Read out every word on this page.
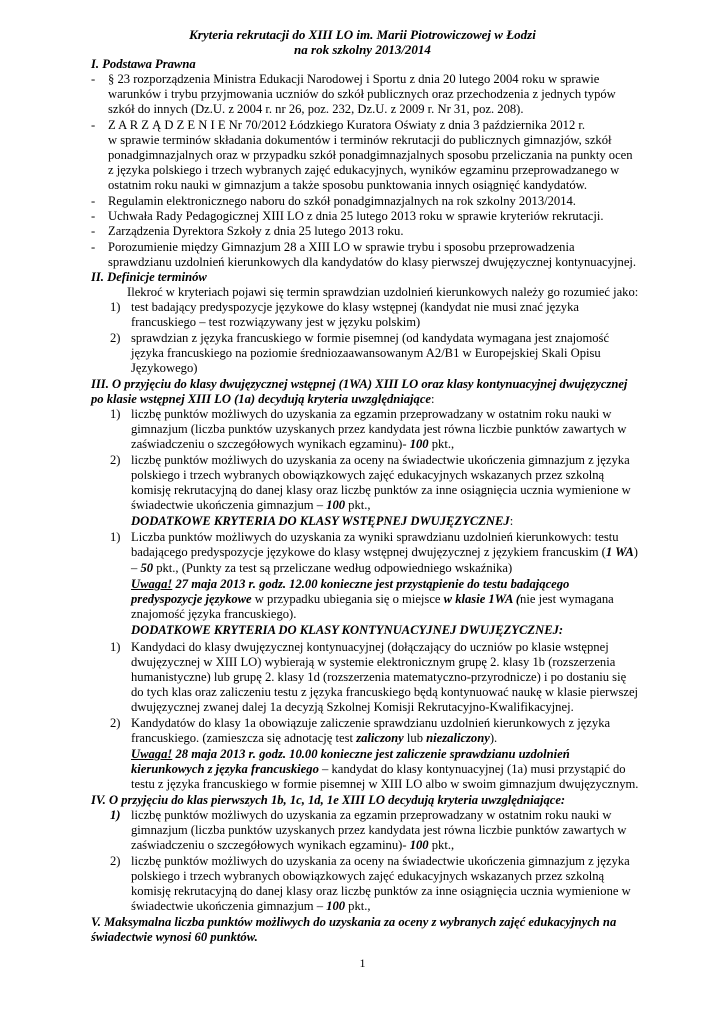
Kryteria rekrutacji do XIII LO im. Marii Piotrowiczowej w Łodzi

na rok szkolny 2013/2014

I. Podstawa Prawna

- § 23 rozporządzenia Ministra Edukacji Narodowej i Sportu z dnia 20 lutego 2004 roku w sprawie

warunków i trybu przyjmowania uczniów do szkół publicznych oraz przechodzenia z jednych typów

szkół do innych (Dz.U. z 2004 r. nr 26, poz. 232, Dz.U. z 2009 r. Nr 31, poz. 208).

- Z A R Z Ą D Z E N I E Nr 70/2012 Łódzkiego Kuratora Oświaty z dnia 3 października 2012 r.

w sprawie terminów składania dokumentów i terminów rekrutacji do publicznych gimnazjów, szkół

ponadgimnazjalnych oraz w przypadku szkół ponadgimnazjalnych sposobu przeliczania na punkty ocen

z języka polskiego i trzech wybranych zajęć edukacyjnych, wyników egzaminu przeprowadzanego w

ostatnim roku nauki w gimnazjum a także sposobu punktowania innych osiągnięć kandydatów.

- Regulamin elektronicznego naboru do szkół ponadgimnazjalnych na rok szkolny 2013/2014.

- Uchwała Rady Pedagogicznej XIII LO z dnia 25 lutego 2013 roku w sprawie kryteriów rekrutacji.

- Zarządzenia Dyrektora Szkoły z dnia 25 lutego 2013 roku.

- Porozumienie między Gimnazjum 28 a XIII LO w sprawie trybu i sposobu przeprowadzenia

sprawdzianu uzdolnień kierunkowych dla kandydatów do klasy pierwszej dwujęzycznej kontynuacyjnej.

II. Definicje terminów

Ilekroć w kryteriach pojawi się termin sprawdzian uzdolnień kierunkowych należy go rozumieć jako:

1) test badający predyspozycje językowe do klasy wstępnej (kandydat nie musi znać języka

francuskiego – test rozwiązywany jest w języku polskim)

2) sprawdzian z języka francuskiego w formie pisemnej (od kandydata wymagana jest znajomość

języka francuskiego na poziomie średniozaawansowanym A2/B1 w Europejskiej Skali Opisu

Językowego)

III. O przyjęciu do klasy dwujęzycznej wstępnej (1WA) XIII LO oraz klasy kontynuacyjnej dwujęzycznej

po klasie wstępnej XIII LO (1a) decydują kryteria uwzględniające:

1) liczbę punktów możliwych do uzyskania za egzamin przeprowadzany w ostatnim roku nauki w

gimnazjum (liczba punktów uzyskanych przez kandydata jest równa liczbie punktów zawartych w

zaświadczeniu o szczegółowych wynikach egzaminu)- 100 pkt.,

2) liczbę punktów możliwych do uzyskania za oceny na świadectwie ukończenia gimnazjum z języka

polskiego i trzech wybranych obowiązkowych zajęć edukacyjnych wskazanych przez szkolną

komisję rekrutacyjną do danej klasy oraz liczbę punktów za inne osiągnięcia ucznia wymienione w

świadectwie ukończenia gimnazjum – 100 pkt.,

DODATKOWE KRYTERIA DO KLASY WSTĘPNEJ DWUJĘZYCZNEJ:

1) Liczba punktów możliwych do uzyskania za wyniki sprawdzianu uzdolnień kierunkowych: testu

badającego predyspozycje językowe do klasy wstępnej dwujęzycznej z językiem francuskim (1 WA)

– 50 pkt., (Punkty za test są przeliczane według odpowiedniego wskaźnika)

Uwaga! 27 maja 2013 r. godz. 12.00 konieczne jest przystąpienie do testu badającego

predyspozycje językowe w przypadku ubiegania się o miejsce w klasie 1WA (nie jest wymagana

znajomość języka francuskiego).

DODATKOWE KRYTERIA DO KLASY KONTYNUACYJNEJ DWUJĘZYCZNEJ:

1) Kandydaci do klasy dwujęzycznej kontynuacyjnej (dołączający do uczniów po klasie wstępnej

dwujęzycznej w XIII LO) wybierają w systemie elektronicznym grupę 2. klasy 1b (rozszerzenia

humanistyczne) lub grupę 2. klasy 1d (rozszerzenia matematyczno-przyrodnicze) i po dostaniu się

do tych klas oraz zaliczeniu testu z języka francuskiego będą kontynuować naukę w klasie pierwszej

dwujęzycznej zwanej dalej 1a decyzją Szkolnej Komisji Rekrutacyjno-Kwalifikacyjnej.

2) Kandydatów do klasy 1a obowiązuje zaliczenie sprawdzianu uzdolnień kierunkowych z języka

francuskiego. (zamieszcza się adnotację test zaliczony lub niezaliczony).

Uwaga! 28 maja 2013 r. godz. 10.00 konieczne jest zaliczenie sprawdzianu uzdolnień

kierunkowych z języka francuskiego – kandydat do klasy kontynuacyjnej (1a) musi przystąpić do

testu z języka francuskiego w formie pisemnej w XIII LO albo w swoim gimnazjum dwujęzycznym.

IV. O przyjęciu do klas pierwszych 1b, 1c, 1d, 1e XIII LO decydują kryteria uwzględniające:

1) liczbę punktów możliwych do uzyskania za egzamin przeprowadzany w ostatnim roku nauki w

gimnazjum (liczba punktów uzyskanych przez kandydata jest równa liczbie punktów zawartych w

zaświadczeniu o szczegółowych wynikach egzaminu)- 100 pkt.,

2) liczbę punktów możliwych do uzyskania za oceny na świadectwie ukończenia gimnazjum z języka

polskiego i trzech wybranych obowiązkowych zajęć edukacyjnych wskazanych przez szkolną

komisję rekrutacyjną do danej klasy oraz liczbę punktów za inne osiągnięcia ucznia wymienione w

świadectwie ukończenia gimnazjum – 100 pkt.,

V. Maksymalna liczba punktów możliwych do uzyskania za oceny z wybranych zajęć edukacyjnych na

świadectwie wynosi 60 punktów.

1
